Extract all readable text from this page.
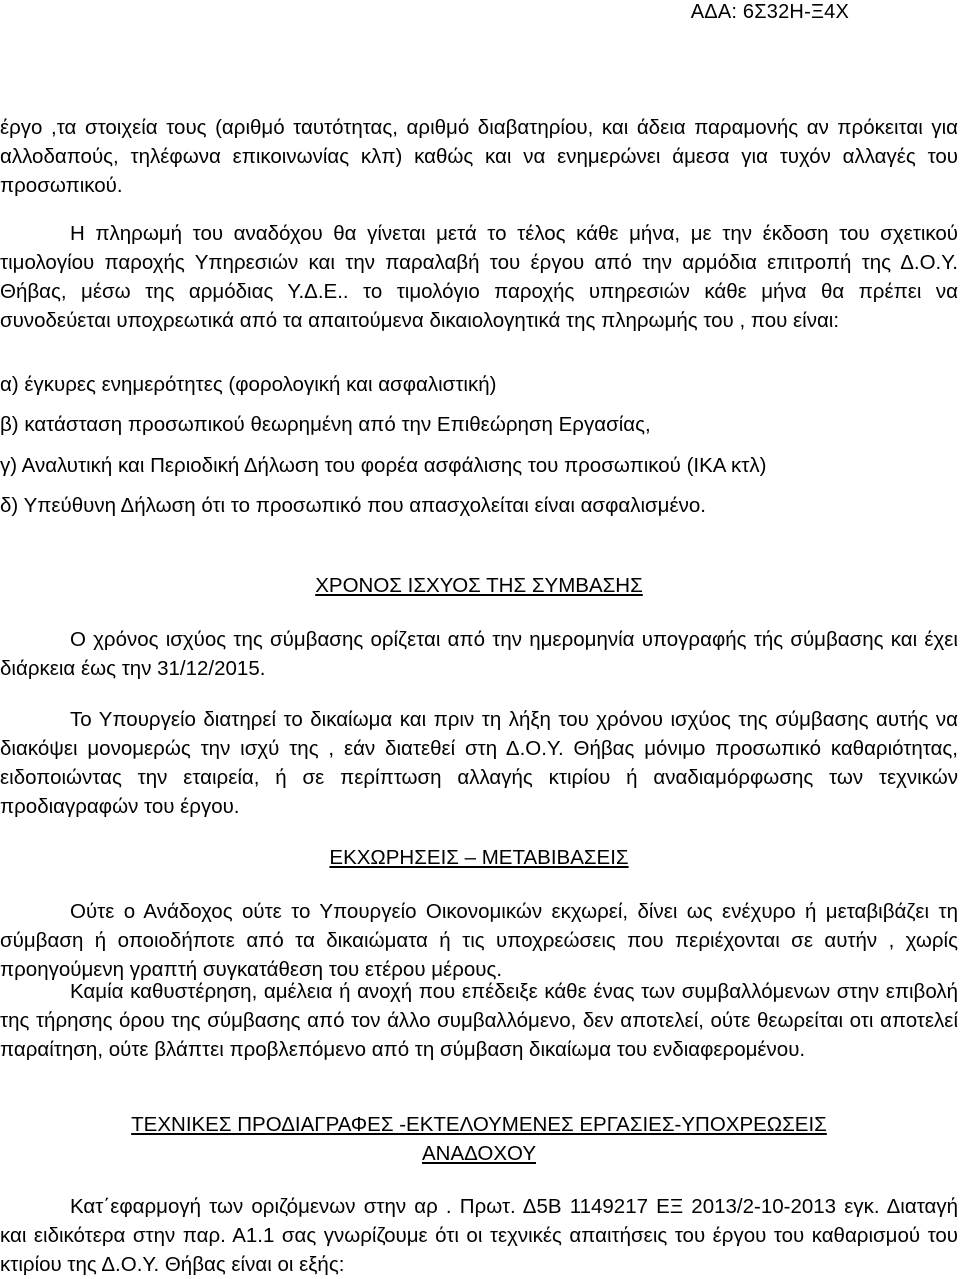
ΑΔΑ: 6Σ32Η-Ξ4Χ

έργο ,τα στοιχεία τους (αριθμό ταυτότητας, αριθμό διαβατηρίου, και άδεια παραμονής αν πρόκειται για αλλοδαπούς, τηλέφωνα επικοινωνίας κλπ) καθώς και να ενημερώνει άμεσα για τυχόν αλλαγές του προσωπικού.

Η πληρωμή του αναδόχου θα γίνεται μετά το τέλος κάθε μήνα, με την έκδοση του σχετικού τιμολογίου παροχής Υπηρεσιών και την παραλαβή του έργου από την αρμόδια επιτροπή της Δ.Ο.Υ. Θήβας, μέσω της αρμόδιας Υ.Δ.Ε.. το τιμολόγιο παροχής υπηρεσιών κάθε μήνα θα πρέπει να συνοδεύεται υποχρεωτικά από τα απαιτούμενα δικαιολογητικά της πληρωμής του , που είναι:

α) έγκυρες ενημερότητες (φορολογική και ασφαλιστική)

β) κατάσταση προσωπικού θεωρημένη από την Επιθεώρηση Εργασίας,

γ) Αναλυτική και Περιοδική Δήλωση του φορέα ασφάλισης του προσωπικού (ΙΚΑ κτλ)

δ) Υπεύθυνη Δήλωση ότι το προσωπικό που απασχολείται είναι ασφαλισμένο.

ΧΡΟΝΟΣ ΙΣΧΥΟΣ ΤΗΣ ΣΥΜΒΑΣΗΣ

Ο χρόνος ισχύος της σύμβασης ορίζεται από την ημερομηνία υπογραφής τής σύμβασης και έχει διάρκεια έως την 31/12/2015.

Το Υπουργείο διατηρεί το δικαίωμα και πριν τη λήξη του χρόνου ισχύος της σύμβασης αυτής να διακόψει μονομερώς την ισχύ της , εάν διατεθεί στη Δ.Ο.Υ. Θήβας μόνιμο προσωπικό καθαριότητας, ειδοποιώντας την εταιρεία, ή σε περίπτωση αλλαγής κτιρίου ή αναδιαμόρφωσης των τεχνικών προδιαγραφών του έργου.

ΕΚΧΩΡΗΣΕΙΣ – ΜΕΤΑΒΙΒΑΣΕΙΣ

Ούτε ο Ανάδοχος ούτε το Υπουργείο Οικονομικών εκχωρεί, δίνει ως ενέχυρο ή μεταβιβάζει τη σύμβαση ή οποιοδήποτε από τα δικαιώματα ή τις υποχρεώσεις που περιέχονται σε αυτήν , χωρίς προηγούμενη γραπτή συγκατάθεση του ετέρου μέρους.

Καμία καθυστέρηση, αμέλεια ή ανοχή που επέδειξε κάθε ένας των συμβαλλόμενων στην επιβολή της τήρησης όρου της σύμβασης από τον άλλο συμβαλλόμενο, δεν αποτελεί, ούτε θεωρείται οτι αποτελεί παραίτηση, ούτε βλάπτει προβλεπόμενο από τη σύμβαση δικαίωμα του ενδιαφερομένου.

ΤΕΧΝΙΚΕΣ ΠΡΟΔΙΑΓΡΑΦΕΣ -ΕΚΤΕΛΟΥΜΕΝΕΣ ΕΡΓΑΣΙΕΣ-ΥΠΟΧΡΕΩΣΕΙΣ

ΑΝΑΔΟΧΟΥ

Κατ΄εφαρμογή των οριζόμενων στην αρ . Πρωτ. Δ5Β 1149217 ΕΞ 2013/2-10-2013 εγκ. Διαταγή και ειδικότερα στην παρ. Α1.1 σας γνωρίζουμε ότι οι τεχνικές απαιτήσεις του έργου του καθαρισμού του κτιρίου της Δ.Ο.Υ. Θήβας είναι οι εξής:
